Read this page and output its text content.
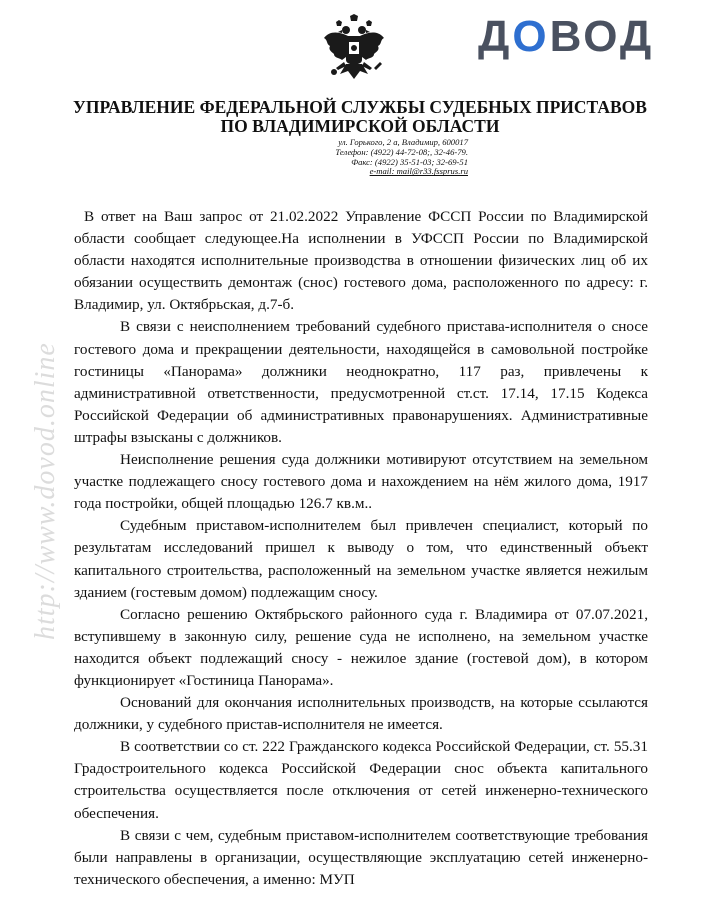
ДОВОД
http://www.dovod.online
УПРАВЛЕНИЕ ФЕДЕРАЛЬНОЙ СЛУЖБЫ СУДЕБНЫХ ПРИСТАВОВ
ПО ВЛАДИМИРСКОЙ ОБЛАСТИ
ул. Горького, 2 а, Владимир, 600017
Телефон: (4922) 44-72-08;, 32-46-79.
Факс: (4922) 35-51-03; 32-69-51
e-mail: mail@r33.fssprus.ru

В ответ на Ваш запрос от 21.02.2022 Управление ФССП России по Владимирской области сообщает следующее.На исполнении в УФССП России по Владимирской области находятся исполнительные производства в отношении физических лиц об их обязании осуществить демонтаж (снос) гостевого дома, расположенного по адресу: г. Владимир, ул. Октябрьская, д.7-б.

В связи с неисполнением требований судебного пристава-исполнителя о сносе гостевого дома и прекращении деятельности, находящейся в самовольной постройке гостиницы «Панорама» должники неоднократно, 117 раз, привлечены к административной ответственности, предусмотренной ст.ст. 17.14, 17.15 Кодекса Российской Федерации об административных правонарушениях. Административные штрафы взысканы с должников.

Неисполнение решения суда должники мотивируют отсутствием на земельном участке подлежащего сносу гостевого дома и нахождением на нём жилого дома, 1917 года постройки, общей площадью 126.7 кв.м..

Судебным приставом-исполнителем был привлечен специалист, который по результатам исследований пришел к выводу о том, что единственный объект капитального строительства, расположенный на земельном участке является нежилым зданием (гостевым домом) подлежащим сносу.

Согласно решению Октябрьского районного суда г. Владимира от 07.07.2021, вступившему в законную силу, решение суда не исполнено, на земельном участке находится объект подлежащий сносу - нежилое здание (гостевой дом), в котором функционирует «Гостиница Панорама».

Оснований для окончания исполнительных производств, на которые ссылаются должники, у судебного пристав-исполнителя не имеется.

В соответствии со ст. 222 Гражданского кодекса Российской Федерации, ст. 55.31 Градостроительного кодекса Российской Федерации снос объекта капитального строительства осуществляется после отключения от сетей инженерно-технического обеспечения.

В связи с чем, судебным приставом-исполнителем соответствующие требования были направлены в организации, осуществляющие эксплуатацию сетей инженерно-технического обеспечения, а именно: МУП
